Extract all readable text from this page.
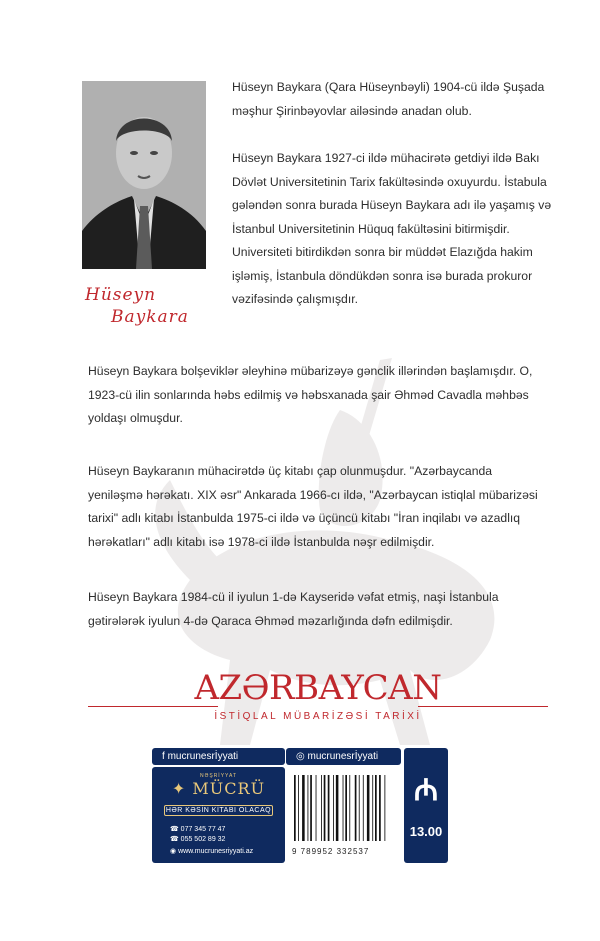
Hüseyn
Baykara

Hüseyn Baykara (Qara Hüseynbəyli) 1904-cü ildə Şuşada məşhur Şirinbəyovlar ailəsində anadan olub.

Hüseyn Baykara 1927-ci ildə mühacirətə getdiyi ildə Bakı Dövlət Universitetinin Tarix fakültəsində oxuyurdu. İstabula gələndən sonra burada Hüseyn Baykara adı ilə yaşamış və İstanbul Universitetinin Hüquq fakültəsini bitirmişdir. Universiteti bitirdikdən sonra bir müddət Elazığda hakim işləmiş, İstanbula döndükdən sonra isə burada prokuror vəzifəsində çalışmışdır.

Hüseyn Baykara bolşeviklər əleyhinə mübarizəyə gənclik illərindən başlamışdır. O, 1923-cü ilin sonlarında həbs edilmiş və həbsxanada şair Əhməd Cavadla məhbəs yoldaşı olmuşdur.

Hüseyn Baykaranın mühacirətdə üç kitabı çap olunmuşdur. "Azərbaycanda yeniləşmə hərəkatı. XIX əsr" Ankarada 1966-cı ildə, "Azərbaycan istiqlal mübarizəsi tarixi" adlı kitabı İstanbulda 1975-ci ildə və üçüncü kitabı "İran inqilabı və azadlıq hərəkatları" adlı kitabı isə 1978-ci ildə İstanbulda nəşr edilmişdir.

Hüseyn Baykara 1984-cü il iyulun 1-də Kayseridə vəfat etmiş, naşi İstanbula gətirələrək iyulun 4-də Qaraca Əhməd məzarlığında dəfn edilmişdir.

AZƏRBAYCAN
İSTİQLAL MÜBARİZƏSİ TARİXİ
f mucrunesrİyyati	◎ mucrunesrİyyati
NƏŞRİYYAT
✦ MÜCRÜ
HƏR KƏSİN KİTABI OLACAQ
☎ 077 345 77 47
☎ 055 502 89 32
◉ www.mucrunesriyyati.az	9 789952 332537
₼
13.00
